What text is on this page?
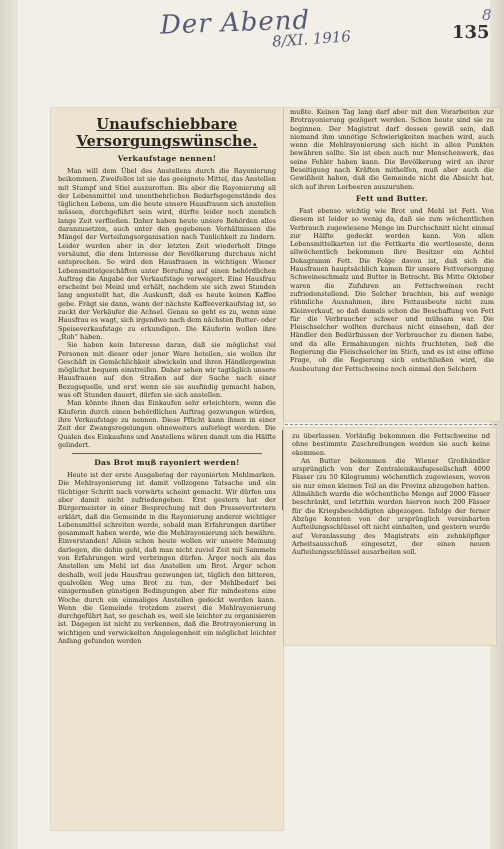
Der Abend
8/XI. 1916	135
8
Unaufschiebbare Versorgungswünsche.
Verkaufstage nennen!

Man will dem Übel des Anstellens durch die Rayonierung beikommen. Zweifellos ist sie das geeignete Mittel, das Anstellen mit Stumpf und Stiel auszurotten. Bis aber die Rayonierung all der Lebensmittel und unentbehrlichen Bedarfsgegenstände des täglichen Lebens, um die heute unsere Hausfrauen sich anstellen müssen, durchgeführt sein wird, dürfte leider noch ziemlich lange Zeit verfließen. Daher haben heute unsere Behörden alles daranzusetzen, auch unter den gegebenen Verhältnissen die Mängel der Verteilungsorganisation nach Tunlichkeit zu lindern. Leider wurden aber in der letzten Zeit wiederholt Dinge versäumt, die dem Interesse der Bevölkerung durchaus nicht entsprechen. So wird den Hausfrauen in wichtigen Wiener Lebensmittelgeschäften unter Berufung auf einen behördlichen Auftrag die Angabe der Verkaufstage verweigert. Eine Hausfrau erscheint bei Meinl und erhält, nachdem sie sich zwei Stunden lang angestellt hat, die Auskunft, daß es heute keinen Kaffee gebe. Frägt sie dann, wann der nächste Kaffeeverkaufstag ist, so zuckt der Verkäufer die Achsel. Genau so geht es zu, wenn eine Hausfrau es wagt, sich irgendwo nach dem nächsten Butter- oder Speiseverkaufstage zu erkundigen. Die Käuferin wollen ihre „Ruh“ haben.

Sie haben kein Interesse daran, daß sie möglichst viel Personen mit dieser oder jener Ware beteilen, sie wollen ihr Geschäft in Gemächlichkeit abwickeln und ihren Händlergewinn möglichst bequem einstreifen. Daher sehen wir tagtäglich unsere Hausfrauen auf den Straßen auf der Suche nach einer Bezugsquelle, und erst wenn sie sie ausfindig gemacht haben, was oft Stunden dauert, dürfen sie sich anstellen.

Man könnte ihnen das Einkaufen sehr erleichtern, wenn die Käuferin durch einen behördlichen Auftrag gezwungen würden, ihre Verkaufstage zu nennen. Diese Pflicht kann ihnen in einer Zeit der Zwangsregelungen ohneweiters auferlegt werden. Die Qualen des Einkaufens und Anstellens wären damit um die Hälfte gelindert.

Das Brot muß rayoniert werden!

Heute ist der erste Ausgabetag der rayonierten Mehlmarken. Die Mehlrayonierung ist damit vollzogene Tatsache und ein tüchtiger Schritt nach vorwärts scheint gemacht. Wir dürfen uns aber damit nicht zufriedengeben. Erst gestern hat der Bürgermeister in einer Besprechung mit den Pressevertretern erklärt, daß die Gemeinde in die Rayonierung anderer wichtiger Lebensmittel schreiten werde, sobald man Erfahrungen darüber gesammelt haben werde, wie die Mehlrayonierung sich bewähre. Einverstanden! Allein schon heute wollen wir unsere Meinung darlegen, die dahin geht, daß man nicht zuviel Zeit mit Sammeln von Erfahrungen wird verbringen dürfen. Ärger noch als das Anstellen um Mehl ist das Anstellen um Brot. Ärger schon deshalb, weil jede Hausfrau gezwungen ist, täglich den bitteren, qualvollen Weg ums Brot zu tun, der Mehlbedarf bei einigermaßen günstigen Bedingungen aber für mindestens eine Woche durch ein einmaliges Anstellen gedeckt werden kann. Wenn die Gemeinde trotzdem zuerst die Mehlrayonierung durchgeführt hat, so geschah es, weil sie leichter zu organisieren ist. Dagegen ist nicht zu verkennen, daß die Brotrayonierung in wichtigen und verwickelten Angelegenheit ein möglichst leichter Anfang gefunden werden

mußte. Keinen Tag lang darf aber mit den Vorarbeiten zur Brotrayonierung gezögert werden. Schon heute sind sie zu beginnen. Der Magistrat darf dessen gewiß sein, daß niemand ihm unnötige Schwierigkeiten machen wird, auch wenn die Mehlrayonierung sich nicht in allen Punkten bewähren sollte. Sie ist eben auch nur Menschenwerk, das seine Fehler haben kann. Die Bevölkerung wird an ihrer Beseitigung nach Kräften mithelfen, muß aber auch die Gewißheit haben, daß die Gemeinde nicht die Absicht hat, sich auf ihren Lorbeeren auszuruhen.

Fett und Butter.

Fast ebenso wichtig wie Brot und Mehl ist Fett. Von diesem ist leider so wenig da, daß sie zum wöchentlichen Verbrauch zugewiesene Menge im Durchschnitt nicht einmal zur Hälfte gedeckt werden kann. Von allen Lebensmittelkarten ist die Fettkarte die wertloseste, denn allwöchentlich bekommen ihre Besitzer ein Achtel Dekagramm Fett. Die Folge davon ist, daß sich die Hausfrauen hauptsächlich kamen für unsere Fettversorgung Schweineschmalz und Butter in Betracht. Bis Mitte Oktober waren die Zufuhren an Fettschweinen recht zufriedenstellend. Die Selcher brachten, bis auf wenige rühmliche Ausnahmen, ihre Fettausbeute nicht zum Kleinverkauf, so daß damals schon die Beschaffung von Fett für die Verbraucher schwer und mühsam war. Die Fleischselcher wollten durchaus nicht einsehen, daß der Händler den Bedürfnissen der Verbraucher zu dienen habe, und da alle Ermahnungen nichts fruchteten, ließ die Regierung die Fleischselcher im Stich, und es ist eine offene Frage, ob die Regierung sich entschließen wird, die Ausbeutung der Fettschweine noch einmal den Selchern

zu überlassen. Vorläufig bekommen die Fettschweine nd ohne bestimmte Zuschreibungen werden sie auch keine ekommen.

An Butter bekommen die Wiener Großhändler ursprünglich von der Zentraleinkaufsgesellschaft 4000 Fässer (zu 50 Kilogramm) wöchentlich zugewiesen, wovon sie nur einen kleinen Teil an die Provinz abzugeben hatten. Allmählich wurde die wöchentliche Menge auf 2000 Fässer beschränkt, und letzthin wurden hiervon noch 200 Fässer für die Kriegsbeschädigten abgezogen. Infolge der ferner Abzüge konnten von der ursprünglich vereinbarten Aufteilungsschlüssel oft nicht einhalten, und gestern wurde auf Veranlassung des Magistrats ein zehnköpfiger Arbeitsausschuß eingesetzt, der einen neuen Aufteilungsschlüssel ausarbeiten soll.
